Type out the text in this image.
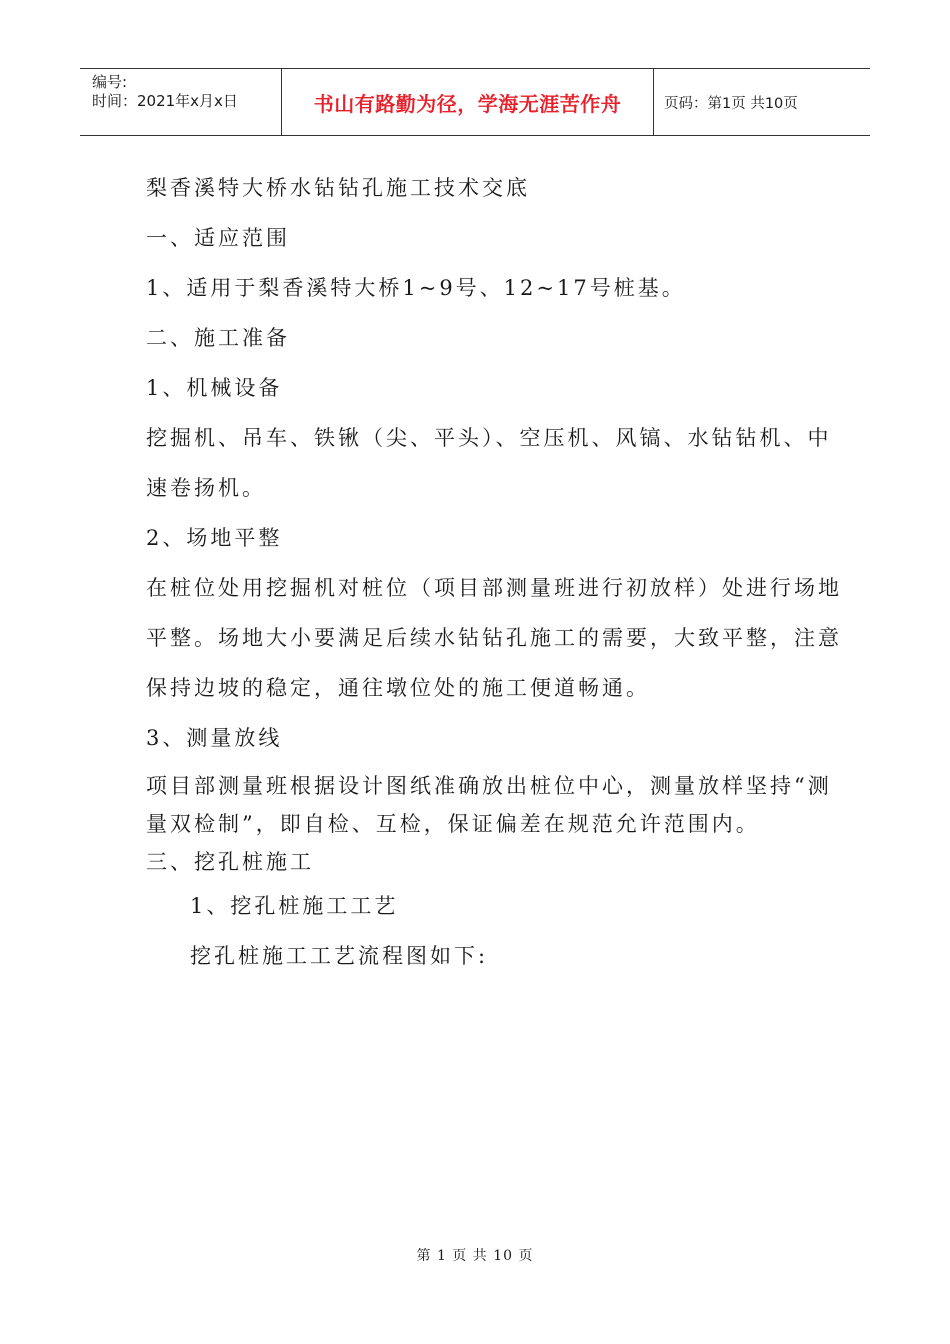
编号:
时间：2021年x月x日	书山有路勤为径，学海无涯苦作舟	页码：第1页 共10页
梨香溪特大桥水钻钻孔施工技术交底
一、适应范围
1、适用于梨香溪特大桥1~9号、12~17号桩基。
二、施工准备
1、机械设备
挖掘机、吊车、铁锹（尖、平头）、空压机、风镐、水钻钻机、中
速卷扬机。
2、场地平整
在桩位处用挖掘机对桩位（项目部测量班进行初放样）处进行场地
平整。场地大小要满足后续水钻钻孔施工的需要，大致平整，注意
保持边坡的稳定，通往墩位处的施工便道畅通。
3、测量放线
项目部测量班根据设计图纸准确放出桩位中心，测量放样坚持“测
量双检制”，即自检、互检，保证偏差在规范允许范围内。
三、挖孔桩施工
1、挖孔桩施工工艺
挖孔桩施工工艺流程图如下:
第 1 页 共 10 页
